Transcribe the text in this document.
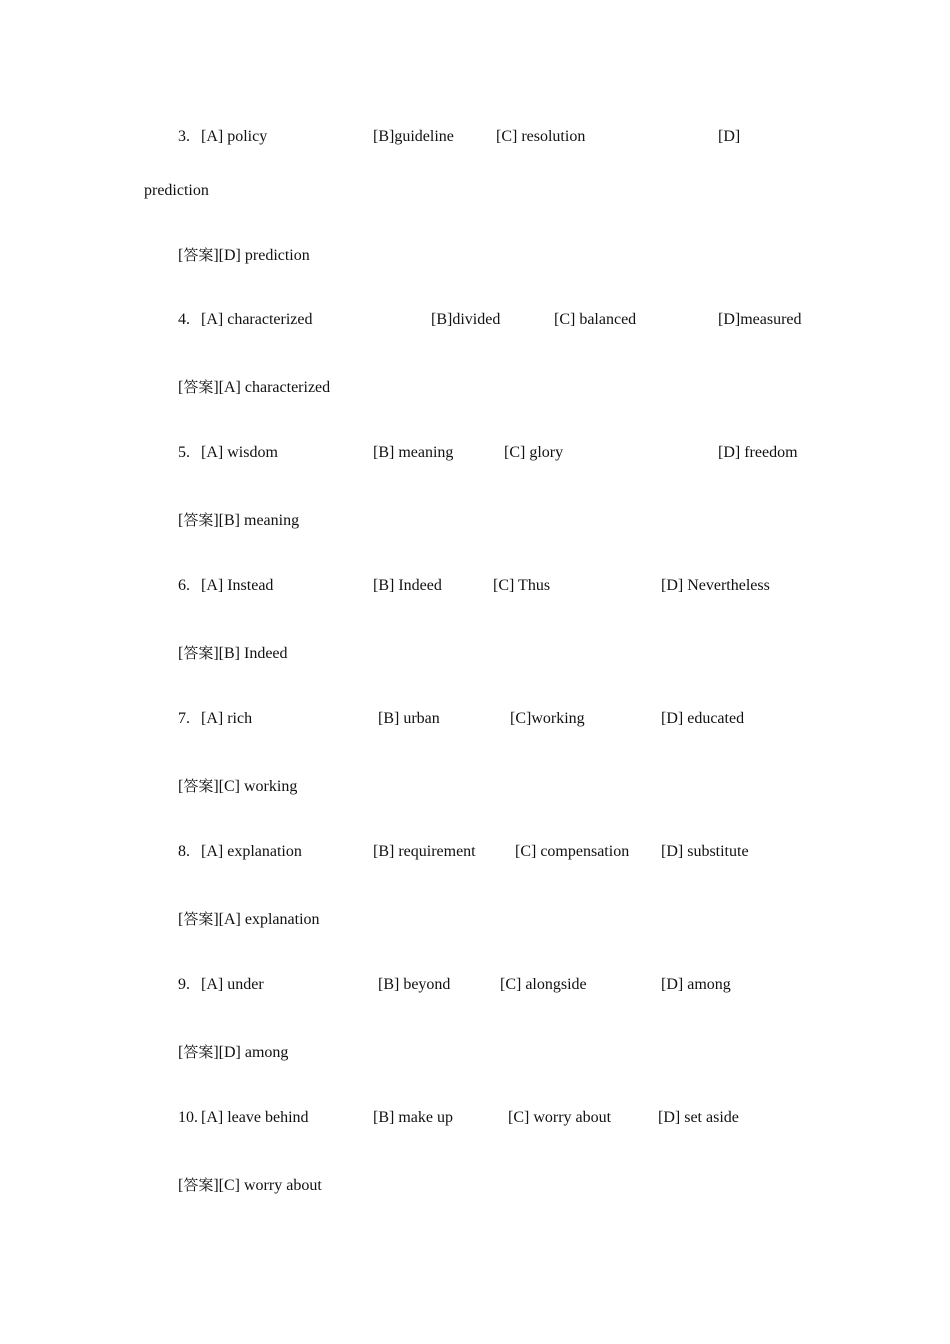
3. [A] policy	[B]guideline	[C] resolution	[D]
prediction
[答案][D] prediction
4. [A] characterized	[B]divided	[C] balanced	[D]measured
[答案][A] characterized
5. [A] wisdom	[B] meaning	[C] glory	[D] freedom
[答案][B] meaning
6. [A] Instead	[B] Indeed	[C] Thus	[D] Nevertheless
[答案][B] Indeed
7. [A] rich	[B] urban	[C]working	[D] educated
[答案][C] working
8. [A] explanation	[B] requirement [C] compensation [D] substitute
[答案][A] explanation
9. [A] under	[B] beyond	[C] alongside	[D] among
[答案][D] among
10. [A] leave behind	[B] make up	[C] worry about	[D] set aside
[答案][C] worry about
